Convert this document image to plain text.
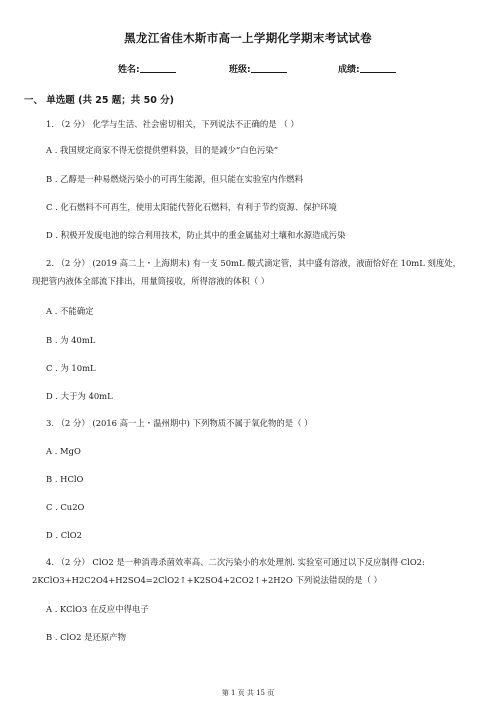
黑龙江省佳木斯市高一上学期化学期末考试试卷
姓名:	班级:	成绩:
一、 单选题 (共 25 题；共 50 分)
1. （2 分） 化学与生活、社会密切相关，下列说法不正确的是 （ ）
A . 我国规定商家不得无偿提供塑料袋，目的是减少“白色污染”
B . 乙醇是一种易燃烧污染小的可再生能源，但只能在实验室内作燃料
C . 化石燃料不可再生，使用太阳能代替化石燃料，有利于节约资源、保护环境
D . 积极开发废电池的综合利用技术，防止其中的重金属盐对土壤和水源造成污染
2. （2 分） (2019 高二上・上海期末) 有一支 50mL 酸式滴定管，其中盛有溶液，液面恰好在 10mL 刻度处，
现把管内液体全部流下排出，用量筒接收，所得溶液的体积（ ）
A . 不能确定
B . 为 40mL
C . 为 10mL
D . 大于为 40mL
3. （2 分） (2016 高一上・温州期中) 下列物质不属于氧化物的是（ ）
A . MgO
B . HClO
C . Cu2O
D . ClO2
4. （2 分） ClO2 是一种消毒杀菌效率高、二次污染小的水处理剂. 实验室可通过以下反应制得 ClO2:
2KClO3+H2C2O4+H2SO4=2ClO2↑+K2SO4+2CO2↑+2H2O 下列说法错误的是（ ）
A . KClO3 在反应中得电子
B . ClO2 是还原产物
第 1 页 共 15 页
